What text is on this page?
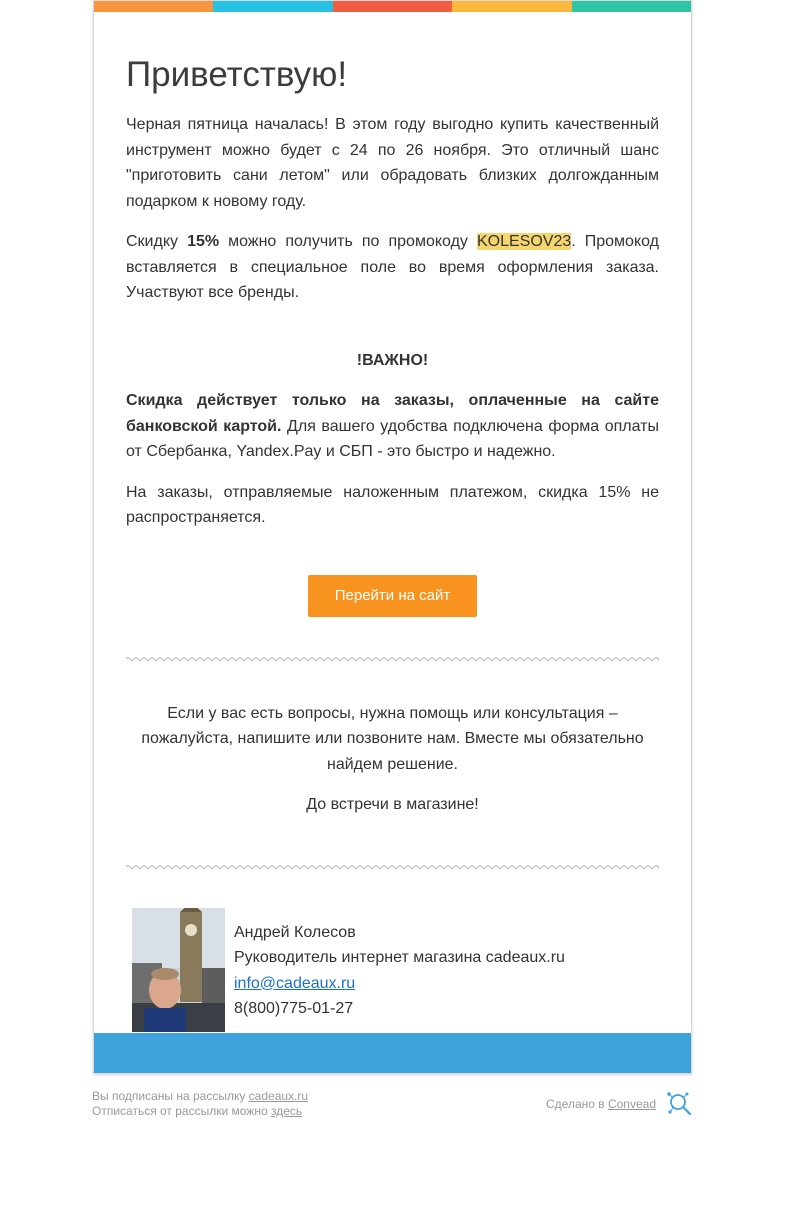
Приветствую!

Черная пятница началась! В этом году выгодно купить качественный инструмент можно будет с 24 по 26 ноября. Это отличный шанс "приготовить сани летом" или обрадовать близких долгожданным подарком к новому году.

Скидку 15% можно получить по промокоду KOLESOV23. Промокод вставляется в специальное поле во время оформления заказа. Участвуют все бренды.

!ВАЖНО!

Скидка действует только на заказы, оплаченные на сайте банковской картой. Для вашего удобства подключена форма оплаты от Сбербанка, Yandex.Pay и СБП - это быстро и надежно.

На заказы, отправляемые наложенным платежом, скидка 15% не распространяется.

Перейти на сайт

Если у вас есть вопросы, нужна помощь или консультация – пожалуйста, напишите или позвоните нам. Вместе мы обязательно найдем решение.

До встречи в магазине!

Андрей Колесов
Руководитель интернет магазина cadeaux.ru
info@cadeaux.ru
8(800)775-01-27
Вы подписаны на рассылку cadeaux.ru
Отписаться от рассылки можно здесь	Сделано в Convead
